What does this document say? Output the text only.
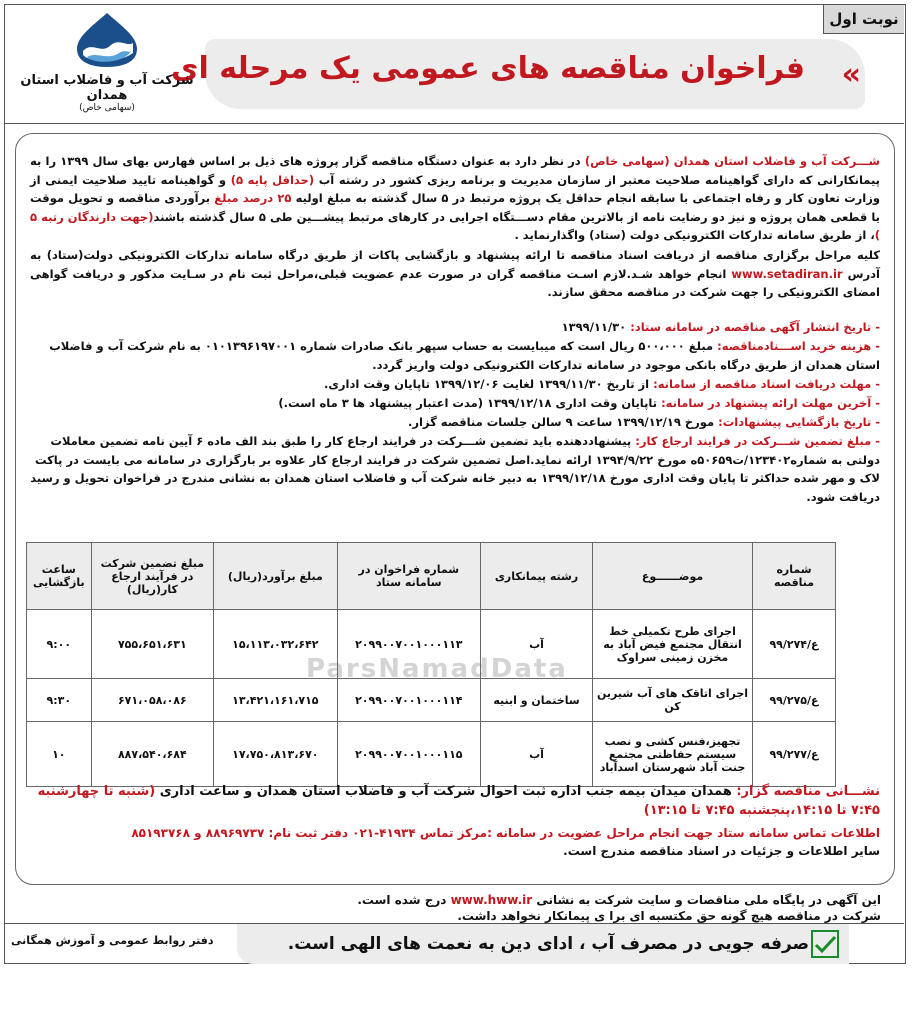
نوبت اول
«
فراخوان مناقصه های عمومی یک مرحله ای
شرکت آب و فاضلاب استان همدان
(سهامی خاص)
شـــرکت آب و فاضلاب استان همدان (سهامی خاص) در نظر دارد به عنوان دستگاه مناقصه گزار پروژه های ذیل بر اساس فهارس بهای سال ۱۳۹۹ را به پیمانکارانی که دارای گواهینامه صلاحیت معتبر از سازمان مدیریت و برنامه ریزی کشور در رشته آب (حداقل پایه ۵) و گواهینامه تایید صلاحیت ایمنی از وزارت تعاون کار و رفاه اجتماعی با سابقه انجام حداقل یک پروژه مرتبط در ۵ سال گذشته به مبلغ اولیه ۲۵ درصد مبلغ برآوردی مناقصه و تحویل موقت یا قطعی همان پروژه و نیز دو رضایت نامه از بالاترین مقام دســـتگاه اجرایی در کارهای مرتبط پیشـــین طی ۵ سال گذشته باشند(جهت دارندگان رتبه ۵ )، از طریق سامانه تدارکات الکترونیکی دولت (ستاد) واگذارنماید .
کلیه مراحل برگزاری مناقصه از دریافت اسناد مناقصه تا ارائه پیشنهاد و بازگشایی پاکات از طریق درگاه سامانه تدارکات الکترونیکی دولت(ستاد) به آدرس www.setadiran.ir انجام خواهد شـد.لازم اسـت مناقصه گران در صورت عدم عضویت قبلی،مراحل ثبت نام در سـایت مذکور و دریافت گواهی امضای الکترونیکی را جهت شرکت در مناقصه محقق سازند.
- تاریخ انتشار آگهی مناقصه در سامانه ستاد: ۱۳۹۹/۱۱/۳۰
- هزینه خرید اســـنادمناقصه: مبلغ ۵۰۰،۰۰۰ ریال است که میبایست به حساب سپهر بانک صادرات شماره ۰۱۰۱۳۹۶۱۹۷۰۰۱ به نام شرکت آب و فاضلاب استان همدان از طریق درگاه بانکی موجود در سامانه تدارکات الکترونیکی دولت واریز گردد.
- مهلت دریافت اسناد مناقصه از سامانه: از تاریخ ۱۳۹۹/۱۱/۳۰ لغایت ۱۳۹۹/۱۲/۰۶ تاپایان وقت اداری.
- آخرین مهلت ارائه پیشنهاد در سامانه: تاپایان وقت اداری ۱۳۹۹/۱۲/۱۸ (مدت اعتبار پیشنهاد ها ۳ ماه است.)
- تاریخ بازگشایی پیشنهادات: مورخ ۱۳۹۹/۱۲/۱۹ ساعت ۹ سالن جلسات مناقصه گزار.
- مبلغ تضمین شـــرکت در فرایند ارجاع کار: پیشنهاددهنده باید تضمین شـــرکت در فرایند ارجاع کار را طبق بند الف ماده ۶ آیین نامه تضمین معاملات دولتی به شماره۱۲۳۴۰۲/ت۵۰۶۵۹ه مورخ ۱۳۹۴/۹/۲۲ ارائه نماید.اصل تضمین شرکت در فرایند ارجاع کار علاوه بر بارگزاری در سامانه می بایست در پاکت لاک و مهر شده حداکثر تا پایان وقت اداری مورخ ۱۳۹۹/۱۲/۱۸ به دبیر خانه شرکت آب و فاضلاب استان همدان به نشانی مندرج در فراخوان تحویل و رسید دریافت شود.
ParsNamadData
شماره مناقصه	موضــــــوع	رشته پیمانکاری	شماره فراخوان در سامانه ستاد	مبلغ برآورد(ریال)	مبلغ تضمین شرکت در فرآیند ارجاع کار(ریال)	ساعت بازگشایی
ع/۹۹/۲۷۴	اجرای طرح تکمیلی خط انتقال مجتمع فیض آباد به مخزن زمینی سراوک	آب	۲۰۹۹۰۰۷۰۰۱۰۰۰۱۱۳	۱۵،۱۱۳،۰۳۲،۶۴۲	۷۵۵،۶۵۱،۶۳۱	۹:۰۰
ع/۹۹/۲۷۵	اجرای اتاقک های آب شیرین کن	ساختمان و ابنیه	۲۰۹۹۰۰۷۰۰۱۰۰۰۱۱۴	۱۳،۴۲۱،۱۶۱،۷۱۵	۶۷۱،۰۵۸،۰۸۶	۹:۳۰
ع/۹۹/۲۷۷	تجهیز،فنس کشی و نصب سیستم حفاظتی مجتمع جنت آباد شهرستان اسدآباد	آب	۲۰۹۹۰۰۷۰۰۱۰۰۰۱۱۵	۱۷،۷۵۰،۸۱۳،۶۷۰	۸۸۷،۵۴۰،۶۸۴	۱۰
نشـــانی مناقصه گزار: همدان میدان بیمه جنب اداره ثبت احوال شرکت آب و فاضلاب استان همدان و ساعت اداری (شنبه تا چهارشنبه ۷:۴۵ تا ۱۴:۱۵،پنجشنبه ۷:۴۵ تا ۱۳:۱۵)
اطلاعات تماس سامانه ستاد جهت انجام مراحل عضویت در سامانه :مرکز تماس ۴۱۹۳۴-۰۲۱ دفتر ثبت نام: ۸۸۹۶۹۷۳۷ و ۸۵۱۹۳۷۶۸
سایر اطلاعات و جزئیات در اسناد مناقصه مندرج است.
این آگهی در پایگاه ملی مناقصات و سایت شرکت به نشانی www.hww.ir درج شده است.
شرکت در مناقصه هیچ گونه حق مکتسبه ای برا ی پیمانکار نخواهد داشت.
صرفه جویی در مصرف آب ، ادای دین به نعمت های الهی است.
دفتر روابط عمومی و آموزش همگانی
